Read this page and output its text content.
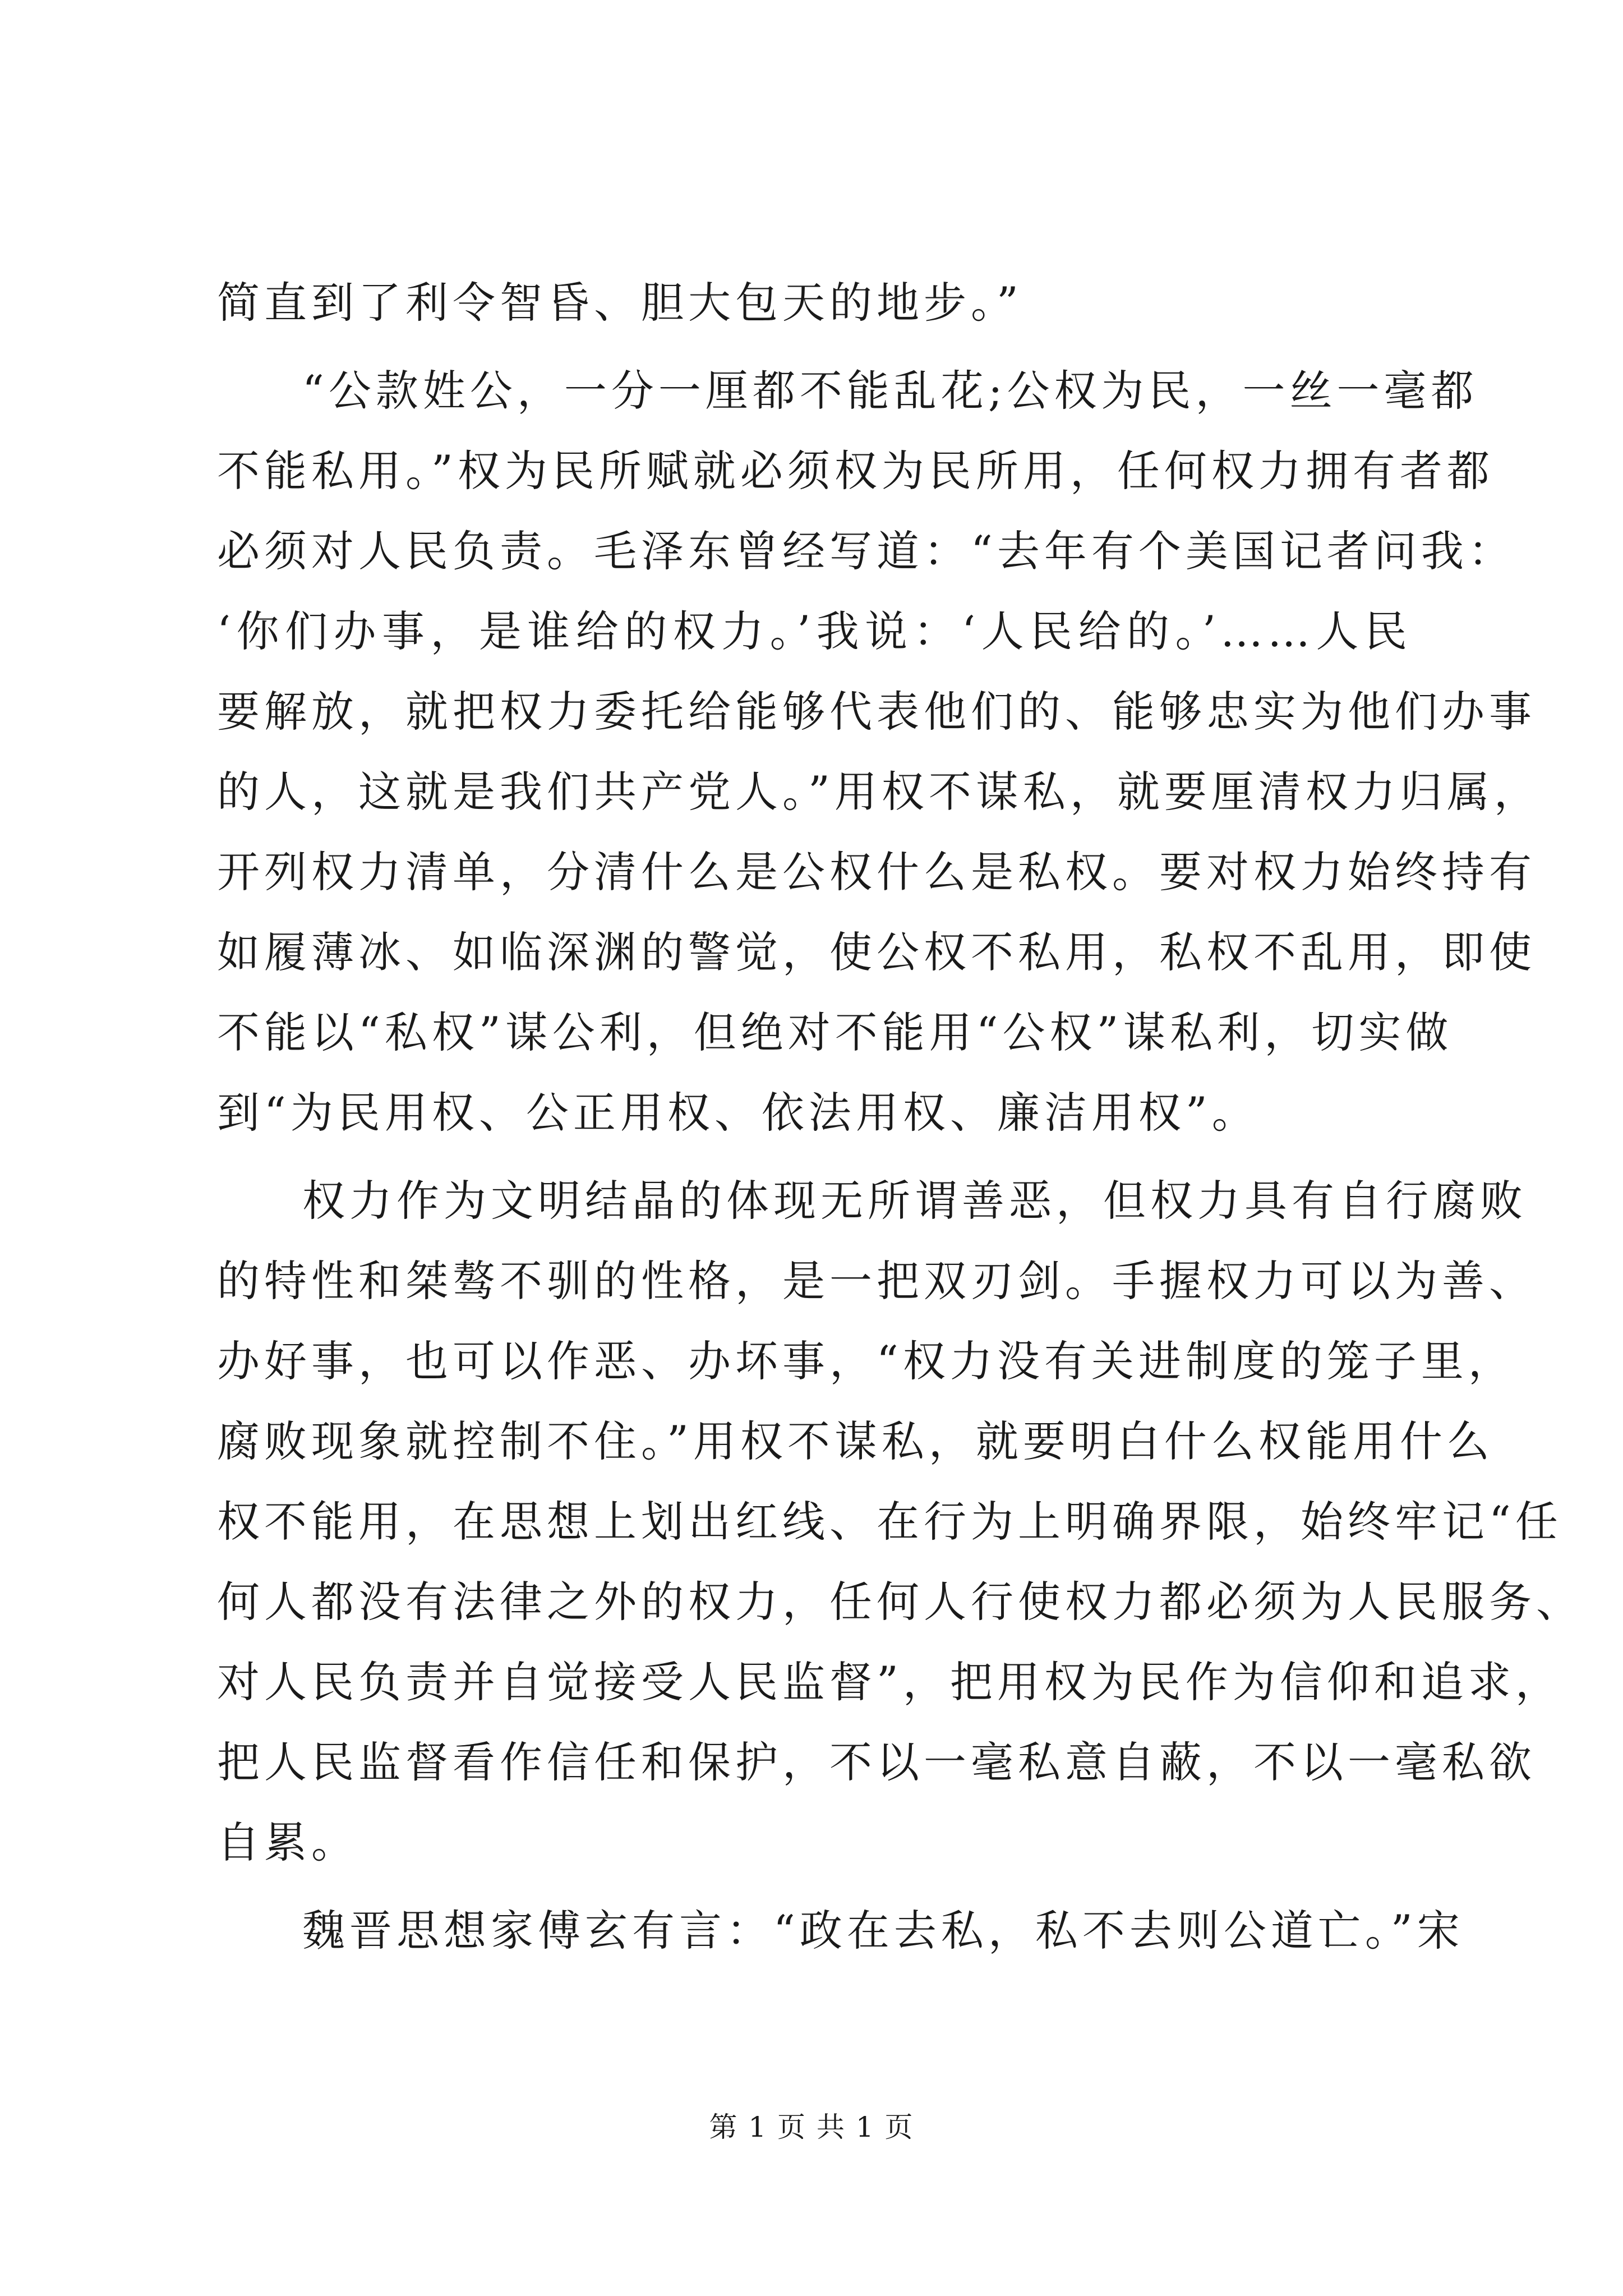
简直到了利令智昏、胆大包天的地步。”
“公款姓公，一分一厘都不能乱花;公权为民，一丝一毫都
不能私用。”权为民所赋就必须权为民所用，任何权力拥有者都
必须对人民负责。毛泽东曾经写道：“去年有个美国记者问我：
‘你们办事，是谁给的权力。’我说：‘人民给的。’……人民
要解放，就把权力委托给能够代表他们的、能够忠实为他们办事
的人，这就是我们共产党人。”用权不谋私，就要厘清权力归属，
开列权力清单，分清什么是公权什么是私权。要对权力始终持有
如履薄冰、如临深渊的警觉，使公权不私用，私权不乱用，即使
不能以“私权”谋公利，但绝对不能用“公权”谋私利，切实做
到“为民用权、公正用权、依法用权、廉洁用权”。
权力作为文明结晶的体现无所谓善恶，但权力具有自行腐败
的特性和桀骜不驯的性格，是一把双刃剑。手握权力可以为善、
办好事，也可以作恶、办坏事，“权力没有关进制度的笼子里，
腐败现象就控制不住。”用权不谋私，就要明白什么权能用什么
权不能用，在思想上划出红线、在行为上明确界限，始终牢记“任
何人都没有法律之外的权力，任何人行使权力都必须为人民服务、
对人民负责并自觉接受人民监督”，把用权为民作为信仰和追求，
把人民监督看作信任和保护，不以一毫私意自蔽，不以一毫私欲
自累。
魏晋思想家傅玄有言：“政在去私，私不去则公道亡。”宋
第 1 页 共 1 页
